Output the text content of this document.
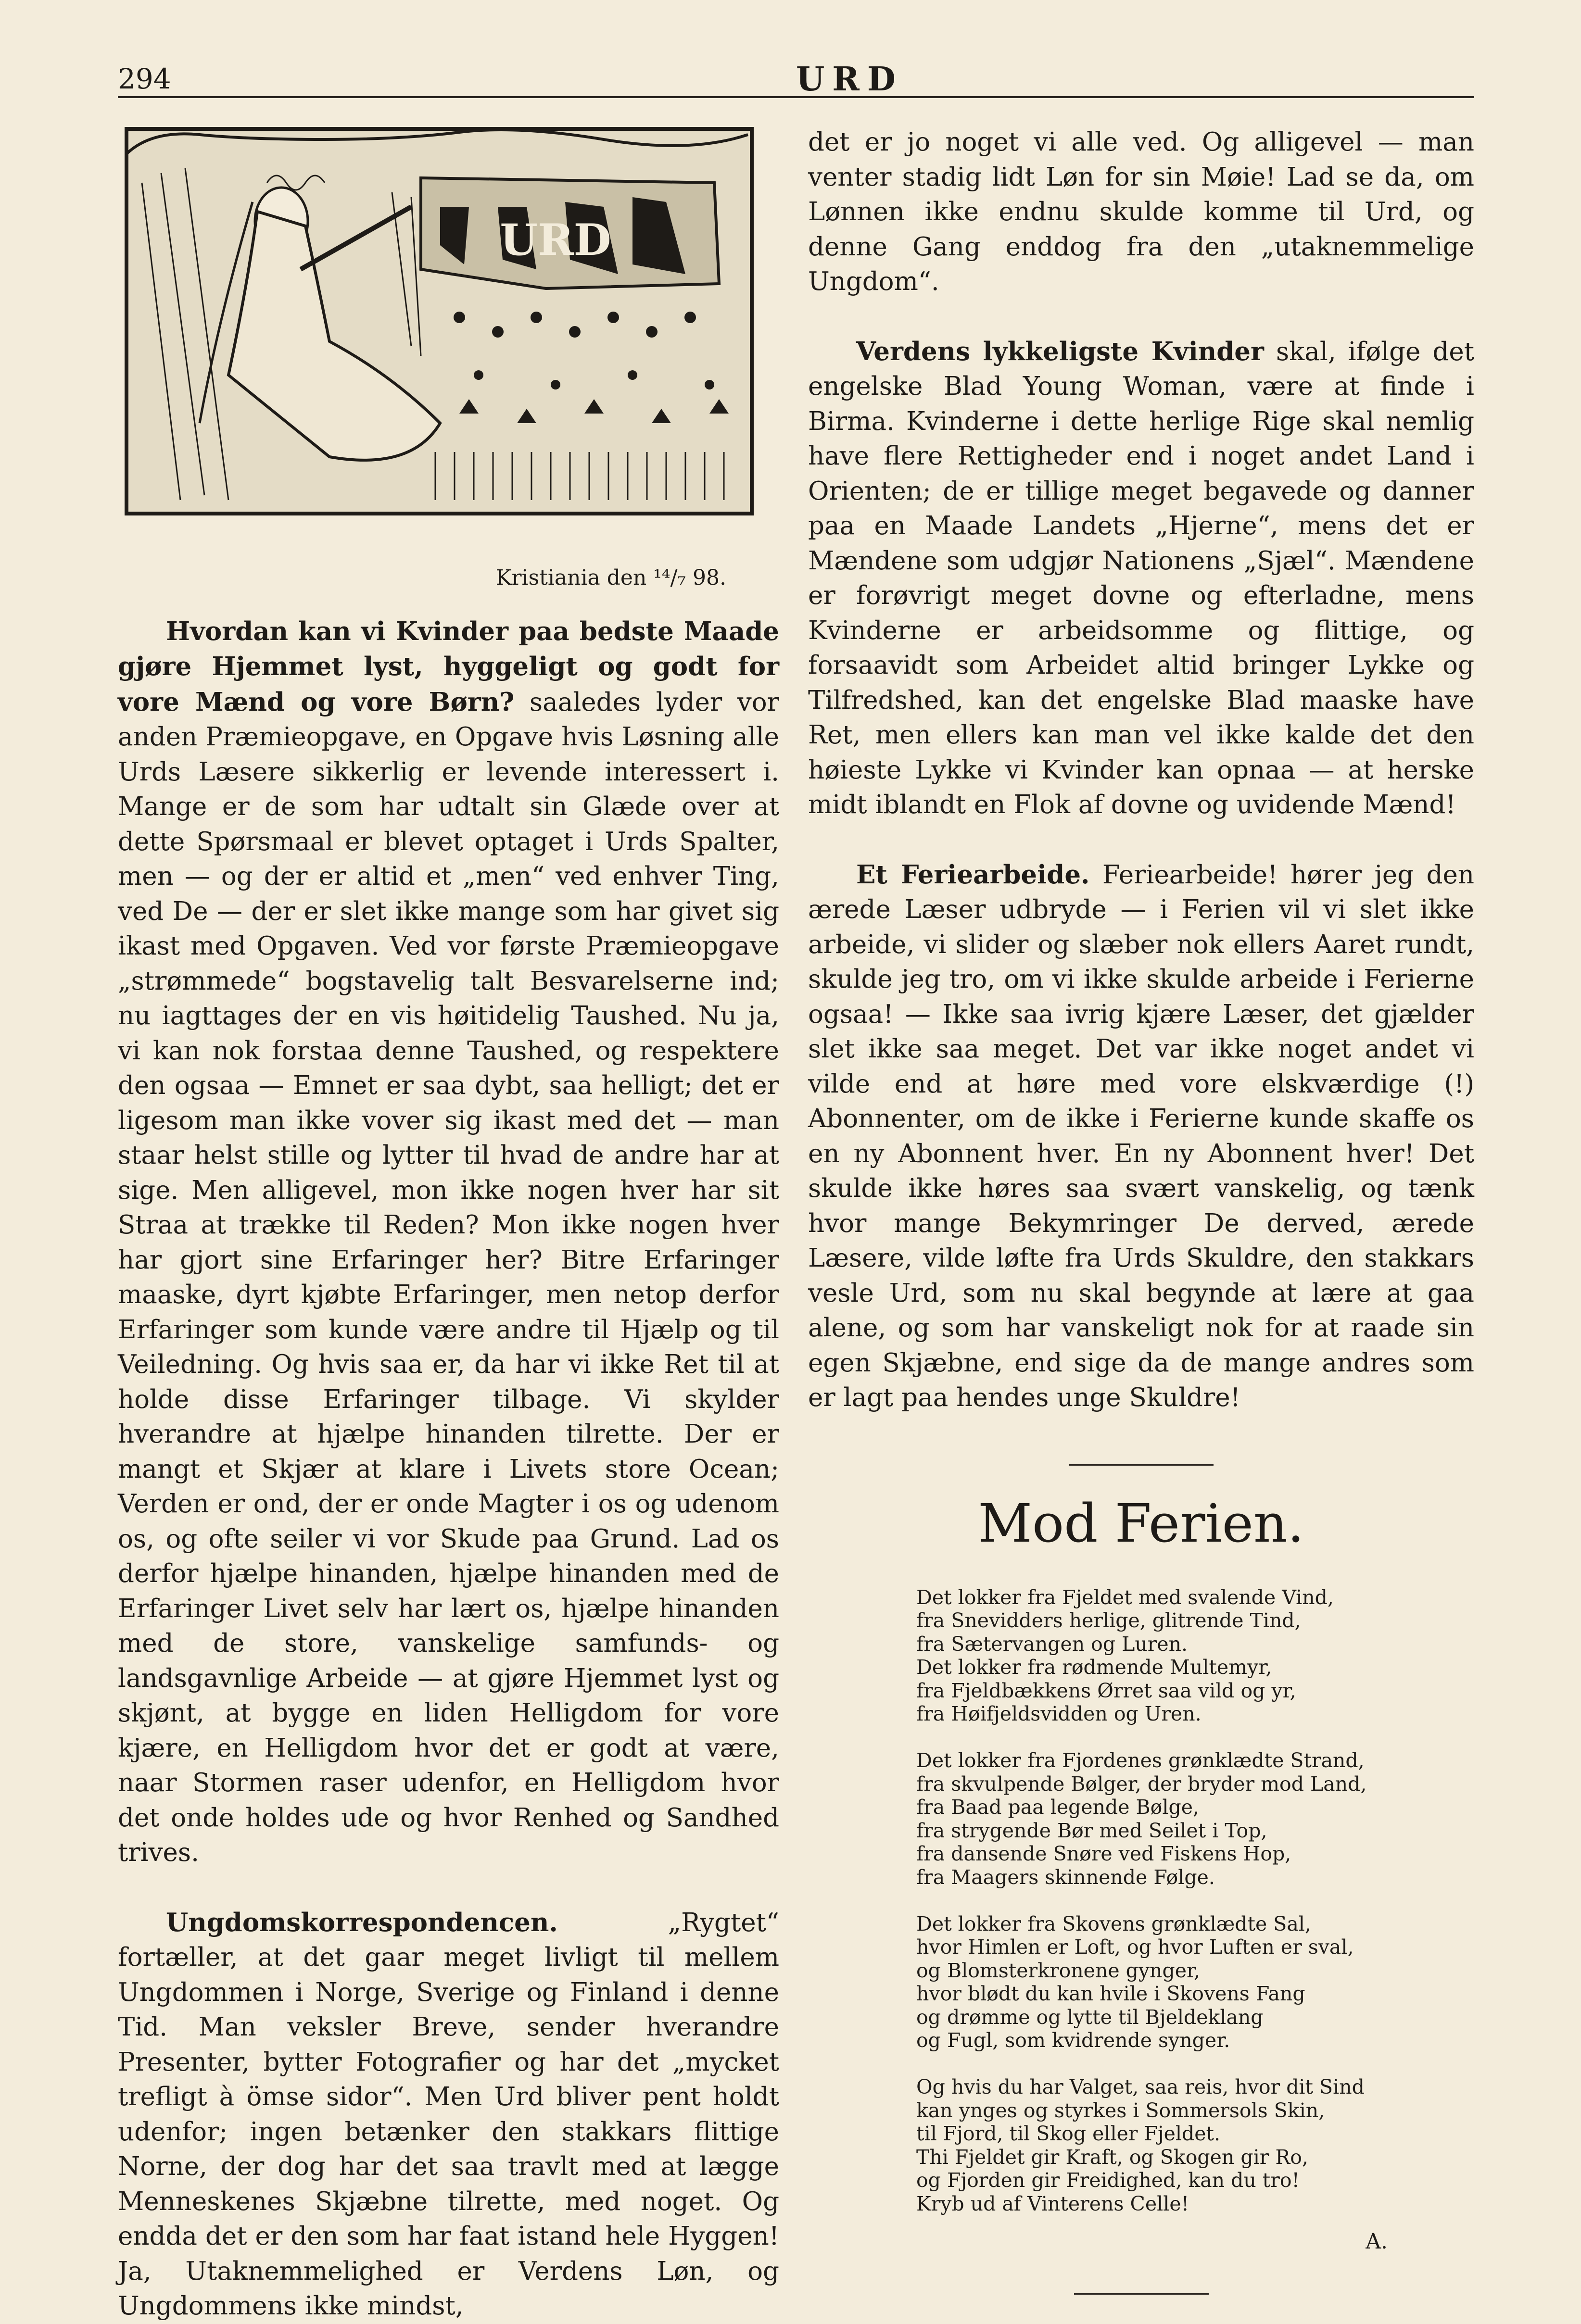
294	URD
URD
Kristiania den ¹⁴/₇ 98.

Hvordan kan vi Kvinder paa bedste Maade gjøre Hjemmet lyst, hyggeligt og godt for vore Mænd og vore Børn? saaledes lyder vor anden Præmieopgave, en Opgave hvis Løsning alle Urds Læsere sikkerlig er levende interessert i. Mange er de som har udtalt sin Glæde over at dette Spørsmaal er blevet optaget i Urds Spalter, men — og der er altid et „men“ ved enhver Ting, ved De — der er slet ikke mange som har givet sig ikast med Opgaven. Ved vor første Præmieopgave „strømmede“ bogstavelig talt Besvarelserne ind; nu iagttages der en vis høitidelig Taushed. Nu ja, vi kan nok forstaa denne Taushed, og respektere den ogsaa — Emnet er saa dybt, saa helligt; det er ligesom man ikke vover sig ikast med det — man staar helst stille og lytter til hvad de andre har at sige. Men alligevel, mon ikke nogen hver har sit Straa at trække til Reden? Mon ikke nogen hver har gjort sine Erfaringer her? Bitre Erfaringer maaske, dyrt kjøbte Erfaringer, men netop derfor Erfaringer som kunde være andre til Hjælp og til Veiledning. Og hvis saa er, da har vi ikke Ret til at holde disse Erfaringer tilbage. Vi skylder hverandre at hjælpe hinanden tilrette. Der er mangt et Skjær at klare i Livets store Ocean; Verden er ond, der er onde Magter i os og udenom os, og ofte seiler vi vor Skude paa Grund. Lad os derfor hjælpe hinanden, hjælpe hinanden med de Erfaringer Livet selv har lært os, hjælpe hinanden med de store, vanskelige samfunds- og landsgavnlige Arbeide — at gjøre Hjemmet lyst og skjønt, at bygge en liden Helligdom for vore kjære, en Helligdom hvor det er godt at være, naar Stormen raser udenfor, en Helligdom hvor det onde holdes ude og hvor Renhed og Sandhed trives.

Ungdomskorrespondencen.	„Rygtet“ fortæller, at det gaar meget livligt til mellem Ungdommen i Norge, Sverige og Finland i denne Tid. Man veksler Breve, sender hverandre Presenter, bytter Fotografier og har det „mycket trefligt à ömse sidor“. Men Urd bliver pent holdt udenfor; ingen betænker den stakkars flittige Norne, der dog har det saa travlt med at lægge Menneskenes Skjæbne tilrette, med noget. Og endda det er den som har faat istand hele Hyggen! Ja, Utaknemmelighed er Verdens Løn, og Ungdommens ikke mindst,

det er jo noget vi alle ved. Og alligevel — man venter stadig lidt Løn for sin Møie! Lad se da, om Lønnen ikke endnu skulde komme til Urd, og denne Gang enddog fra den „utaknemmelige Ungdom“.

Verdens lykkeligste Kvinder skal, ifølge det engelske Blad Young Woman, være at finde i Birma. Kvinderne i dette herlige Rige skal nemlig have flere Rettigheder end i noget andet Land i Orienten; de er tillige meget begavede og danner paa en Maade Landets „Hjerne“, mens det er Mændene som udgjør Nationens „Sjæl“. Mændene er forøvrigt meget dovne og efterladne, mens Kvinderne er arbeidsomme og flittige, og forsaavidt som Arbeidet altid bringer Lykke og Tilfredshed, kan det engelske Blad maaske have Ret, men ellers kan man vel ikke kalde det den høieste Lykke vi Kvinder kan opnaa — at herske midt iblandt en Flok af dovne og uvidende Mænd!

Et Feriearbeide. Feriearbeide! hører jeg den ærede Læser udbryde — i Ferien vil vi slet ikke arbeide, vi slider og slæber nok ellers Aaret rundt, skulde jeg tro, om vi ikke skulde arbeide i Ferierne ogsaa! — Ikke saa ivrig kjære Læser, det gjælder slet ikke saa meget. Det var ikke noget andet vi vilde end at høre med vore elskværdige (!) Abonnenter, om de ikke i Ferierne kunde skaffe os en ny Abonnent hver. En ny Abonnent hver! Det skulde ikke høres saa svært vanskelig, og tænk hvor mange Bekymringer De derved, ærede Læsere, vilde løfte fra Urds Skuldre, den stakkars vesle Urd, som nu skal begynde at lære at gaa alene, og som har vanskeligt nok for at raade sin egen Skjæbne, end sige da de mange andres som er lagt paa hendes unge Skuldre!

Mod Ferien.
Det lokker fra Fjeldet med svalende Vind,
fra Snevidders herlige, glitrende Tind,
fra Sætervangen og Luren.
Det lokker fra rødmende Multemyr,
fra Fjeldbækkens Ørret saa vild og yr,
fra Høifjeldsvidden og Uren.
Det lokker fra Fjordenes grønklædte Strand,
fra skvulpende Bølger, der bryder mod Land,
fra Baad paa legende Bølge,
fra strygende Bør med Seilet i Top,
fra dansende Snøre ved Fiskens Hop,
fra Maagers skinnende Følge.
Det lokker fra Skovens grønklædte Sal,
hvor Himlen er Loft, og hvor Luften er sval,
og Blomsterkronene gynger,
hvor blødt du kan hvile i Skovens Fang
og drømme og lytte til Bjeldeklang
og Fugl, som kvidrende synger.
Og hvis du har Valget, saa reis, hvor dit Sind
kan ynges og styrkes i Sommersols Skin,
til Fjord, til Skog eller Fjeldet.
Thi Fjeldet gir Kraft, og Skogen gir Ro,
og Fjorden gir Freidighed, kan du tro!
Kryb ud af Vinterens Celle!
A.
